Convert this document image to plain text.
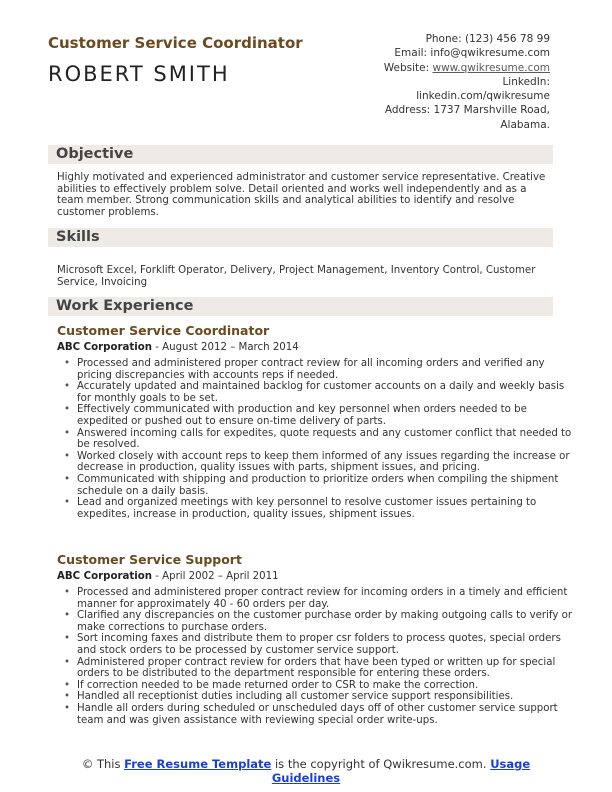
Customer Service Coordinator
ROBERT SMITH
Phone: (123) 456 78 99
Email: info@qwikresume.com
Website: www.qwikresume.com
LinkedIn:
linkedin.com/qwikresume
Address: 1737 Marshville Road,
Alabama.
Objective
Highly motivated and experienced administrator and customer service representative. Creative abilities to effectively problem solve. Detail oriented and works well independently and as a team member. Strong communication skills and analytical abilities to identify and resolve customer problems.
Skills
Microsoft Excel, Forklift Operator, Delivery, Project Management, Inventory Control, Customer Service, Invoicing
Work Experience
Customer Service Coordinator
ABC Corporation - August 2012 – March 2014
• Processed and administered proper contract review for all incoming orders and verified any pricing discrepancies with accounts reps if needed.
• Accurately updated and maintained backlog for customer accounts on a daily and weekly basis for monthly goals to be set.
• Effectively communicated with production and key personnel when orders needed to be expedited or pushed out to ensure on-time delivery of parts.
• Answered incoming calls for expedites, quote requests and any customer conflict that needed to be resolved.
• Worked closely with account reps to keep them informed of any issues regarding the increase or decrease in production, quality issues with parts, shipment issues, and pricing.
• Communicated with shipping and production to prioritize orders when compiling the shipment schedule on a daily basis.
• Lead and organized meetings with key personnel to resolve customer issues pertaining to expedites, increase in production, quality issues, shipment issues.
Customer Service Support
ABC Corporation - April 2002 – April 2011
• Processed and administered proper contract review for incoming orders in a timely and efficient manner for approximately 40 - 60 orders per day.
• Clarified any discrepancies on the customer purchase order by making outgoing calls to verify or make corrections to purchase orders.
• Sort incoming faxes and distribute them to proper csr folders to process quotes, special orders and stock orders to be processed by customer service support.
• Administered proper contract review for orders that have been typed or written up for special orders to be distributed to the department responsible for entering these orders.
• If correction needed to be made returned order to CSR to make the correction.
• Handled all receptionist duties including all customer service support responsibilities.
• Handle all orders during scheduled or unscheduled days off of other customer service support team and was given assistance with reviewing special order write-ups.
© This Free Resume Template is the copyright of Qwikresume.com. Usage
Guidelines
